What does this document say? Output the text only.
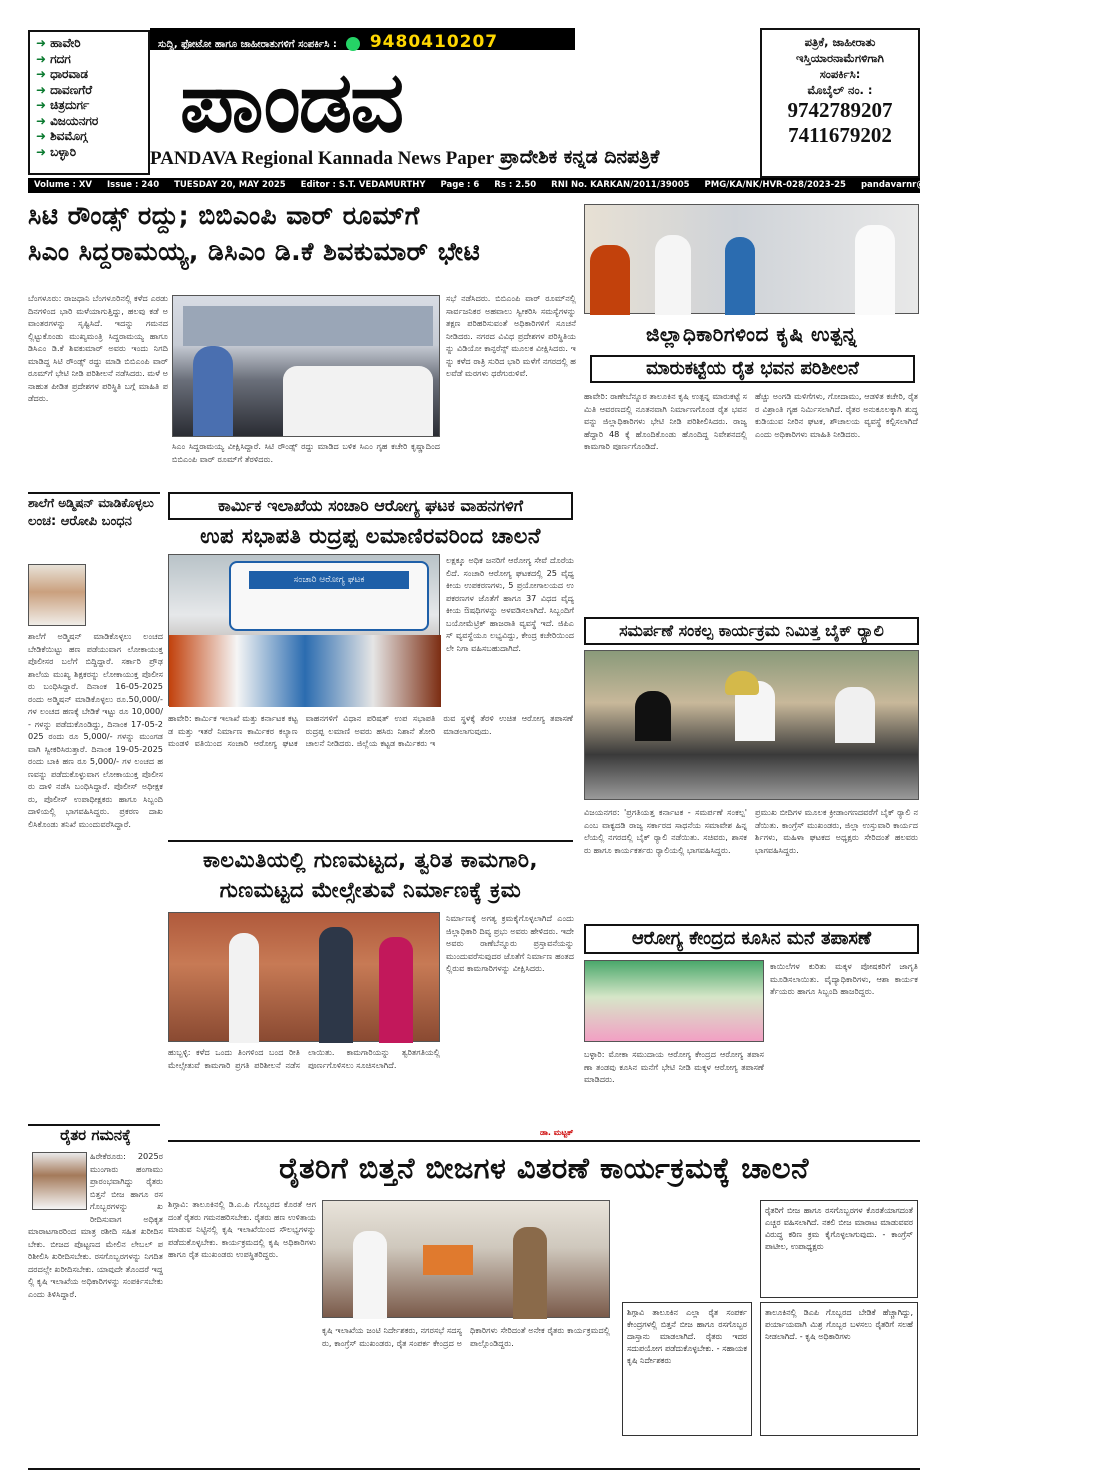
➜ ಹಾವೇರಿ
➜ ಗದಗ
➜ ಧಾರವಾಡ
➜ ದಾವಣಗೆರೆ
➜ ಚಿತ್ರದುರ್ಗ
➜ ವಿಜಯನಗರ
➜ ಶಿವಮೊಗ್ಗ
➜ ಬಳ್ಳಾರಿ
ಸುದ್ದಿ, ಫೋಟೋ ಹಾಗೂ ಜಾಹೀರಾತುಗಳಿಗೆ ಸಂಪರ್ಕಿಸಿ : 9480410207
ಪಾಂಡವ
PANDAVA Regional Kannada News Paper ಪ್ರಾದೇಶಿಕ ಕನ್ನಡ ದಿನಪತ್ರಿಕೆ
ಪತ್ರಿಕೆ, ಜಾಹೀರಾತು
ಇಸ್ತಿಯಾರನಾಮೆಗಳಿಗಾಗಿ
ಸಂಪರ್ಕಿಸಿ:
ಮೊಬೈಲ್ ನಂ. :
9742789207
7411679202
Volume : XV Issue : 240 TUESDAY 20, MAY 2025 Editor : S.T. VEDAMURTHY Page : 6 Rs : 2.50 RNI No. KARKAN/2011/39005 PMG/KA/NK/HVR-028/2023-25 pandavarnr@gmail.com Mob No.: 9742789207
ಸಿಟಿ ರೌಂಡ್ಸ್ ರದ್ದು; ಬಿಬಿಎಂಪಿ ವಾರ್ ರೂಮ್‌ಗೆ
ಸಿಎಂ ಸಿದ್ದರಾಮಯ್ಯ, ಡಿಸಿಎಂ ಡಿ.ಕೆ ಶಿವಕುಮಾರ್ ಭೇಟಿ
ಬೆಂಗಳೂರು: ರಾಜಧಾನಿ ಬೆಂಗಳೂರಿನಲ್ಲಿ ಕಳೆದ ಎರಡು ದಿನಗಳಿಂದ ಭಾರಿ ಮಳೆಯಾಗುತ್ತಿದ್ದು, ಹಲವು ಕಡೆ ಅವಾಂತರಗಳನ್ನು ಸೃಷ್ಟಿಸಿದೆ. ಇದನ್ನು ಗಮನದಲ್ಲಿಟ್ಟುಕೊಂಡು ಮುಖ್ಯಮಂತ್ರಿ ಸಿದ್ದರಾಮಯ್ಯ ಹಾಗೂ ಡಿಸಿಎಂ ಡಿ.ಕೆ ಶಿವಕುಮಾರ್ ಅವರು ಇಂದು ನಿಗದಿ ಮಾಡಿದ್ದ ಸಿಟಿ ರೌಂಡ್ಸ್ ರದ್ದು ಮಾಡಿ ಬಿಬಿಎಂಪಿ ವಾರ್ ರೂಮ್‌ಗೆ ಭೇಟಿ ನೀಡಿ ಪರಿಶೀಲನೆ ನಡೆಸಿದರು. ಮಳೆ ಅನಾಹುತ ಪೀಡಿತ ಪ್ರದೇಶಗಳ ಪರಿಸ್ಥಿತಿ ಬಗ್ಗೆ ಮಾಹಿತಿ ಪಡೆದರು.
ಸಿಎಂ ಸಿದ್ದರಾಮಯ್ಯ ವೀಕ್ಷಿಸಿದ್ದಾರೆ. ಸಿಟಿ ರೌಂಡ್ಸ್ ರದ್ದು ಮಾಡಿದ ಬಳಿಕ ಸಿಎಂ ಗೃಹ ಕಚೇರಿ ಕೃಷ್ಣಾದಿಂದ ಬಿಬಿಎಂಪಿ ವಾರ್ ರೂಮ್‌ಗೆ ತೆರಳಿದರು.
ಸಭೆ ನಡೆಸಿದರು. ಬಿಬಿಎಂಪಿ ವಾರ್ ರೂಮ್‌ನಲ್ಲಿ ಸಾರ್ವಜನಿಕರ ಅಹವಾಲು ಸ್ವೀಕರಿಸಿ ಸಮಸ್ಯೆಗಳನ್ನು ತಕ್ಷಣ ಪರಿಹರಿಸುವಂತೆ ಅಧಿಕಾರಿಗಳಿಗೆ ಸೂಚನೆ ನೀಡಿದರು. ನಗರದ ವಿವಿಧ ಪ್ರದೇಶಗಳ ಪರಿಸ್ಥಿತಿಯನ್ನು ವಿಡಿಯೋ ಕಾನ್ಫರೆನ್ಸ್ ಮೂಲಕ ವೀಕ್ಷಿಸಿದರು. ಇನ್ನು ಕಳೆದ ರಾತ್ರಿ ಸುರಿದ ಭಾರಿ ಮಳೆಗೆ ನಗರದಲ್ಲಿ ಹಲವೆಡೆ ಮರಗಳು ಧರೆಗುರುಳಿವೆ.
ಜಿಲ್ಲಾಧಿಕಾರಿಗಳಿಂದ ಕೃಷಿ ಉತ್ಪನ್ನ
ಮಾರುಕಟ್ಟೆಯ ರೈತ ಭವನ ಪರಿಶೀಲನೆ
ಹಾವೇರಿ: ರಾಣೇಬೆನ್ನೂರ ತಾಲೂಕಿನ ಕೃಷಿ ಉತ್ಪನ್ನ ಮಾರುಕಟ್ಟೆ ಸಮಿತಿ ಆವರಣದಲ್ಲಿ ನೂತನವಾಗಿ ನಿರ್ಮಾಣಗೊಂಡ ರೈತ ಭವನವನ್ನು ಜಿಲ್ಲಾಧಿಕಾರಿಗಳು ಭೇಟಿ ನೀಡಿ ಪರಿಶೀಲಿಸಿದರು. ರಾಜ್ಯ ಹೆದ್ದಾರಿ 48 ಕ್ಕೆ ಹೊಂದಿಕೊಂಡು ಹೊಂದಿದ್ದ ನಿವೇಶನದಲ್ಲಿ ಕಾಮಗಾರಿ ಪೂರ್ಣಗೊಂಡಿದೆ.
ಹೆಚ್ಚು ಅಂಗಡಿ ಮಳಿಗೆಗಳು, ಗೋದಾಮು, ಆಡಳಿತ ಕಚೇರಿ, ರೈತರ ವಿಶ್ರಾಂತಿ ಗೃಹ ನಿರ್ಮಿಸಲಾಗಿದೆ. ರೈತರ ಅನುಕೂಲಕ್ಕಾಗಿ ಶುದ್ಧ ಕುಡಿಯುವ ನೀರಿನ ಘಟಕ, ಶೌಚಾಲಯ ವ್ಯವಸ್ಥೆ ಕಲ್ಪಿಸಲಾಗಿದೆ ಎಂದು ಅಧಿಕಾರಿಗಳು ಮಾಹಿತಿ ನೀಡಿದರು.
ಶಾಲೆಗೆ ಅಡ್ಮಿಷನ್ ಮಾಡಿಕೊಳ್ಳಲು
ಲಂಚ: ಆರೋಪಿ ಬಂಧನ
ಶಾಲೆಗೆ ಅಡ್ಮಿಷನ್ ಮಾಡಿಕೊಳ್ಳಲು ಲಂಚದ ಬೇಡಿಕೆಯಿಟ್ಟು ಹಣ ಪಡೆಯುವಾಗ ಲೋಕಾಯುಕ್ತ ಪೊಲೀಸರ ಬಲೆಗೆ ಬಿದ್ದಿದ್ದಾರೆ. ಸರ್ಕಾರಿ ಪ್ರೌಢ ಶಾಲೆಯ ಮುಖ್ಯ ಶಿಕ್ಷಕರನ್ನು ಲೋಕಾಯುಕ್ತ ಪೊಲೀಸರು ಬಂಧಿಸಿದ್ದಾರೆ. ದಿನಾಂಕ 16-05-2025 ರಂದು ಅಡ್ಮಿಷನ್ ಮಾಡಿಕೊಳ್ಳಲು ರೂ.50,000/- ಗಳ ಲಂಚದ ಹಣಕ್ಕೆ ಬೇಡಿಕೆ ಇಟ್ಟು ರೂ 10,000/- ಗಳನ್ನು ಪಡೆದುಕೊಂಡಿದ್ದು, ದಿನಾಂಕ 17-05-2025 ರಂದು ರೂ 5,000/- ಗಳನ್ನು ಮುಂಗಡವಾಗಿ ಸ್ವೀಕರಿಸಿರುತ್ತಾರೆ. ದಿನಾಂಕ 19-05-2025 ರಂದು ಬಾಕಿ ಹಣ ರೂ 5,000/- ಗಳ ಲಂಚದ ಹಣವನ್ನು ಪಡೆದುಕೊಳ್ಳುವಾಗ ಲೋಕಾಯುಕ್ತ ಪೊಲೀಸರು ದಾಳಿ ನಡೆಸಿ ಬಂಧಿಸಿದ್ದಾರೆ. ಪೊಲೀಸ್ ಅಧೀಕ್ಷಕರು, ಪೊಲೀಸ್ ಉಪಾಧೀಕ್ಷಕರು ಹಾಗೂ ಸಿಬ್ಬಂದಿ ದಾಳಿಯಲ್ಲಿ ಭಾಗವಹಿಸಿದ್ದರು. ಪ್ರಕರಣ ದಾಖಲಿಸಿಕೊಂಡು ತನಿಖೆ ಮುಂದುವರೆಸಿದ್ದಾರೆ.
ಕಾರ್ಮಿಕ ಇಲಾಖೆಯ ಸಂಚಾರಿ ಆರೋಗ್ಯ ಘಟಕ ವಾಹನಗಳಿಗೆ
ಉಪ ಸಭಾಪತಿ ರುದ್ರಪ್ಪ ಲಮಾಣಿರವರಿಂದ ಚಾಲನೆ
ಸಂಚಾರಿ ಆರೋಗ್ಯ ಘಟಕ
ಲಕ್ಷಕ್ಕೂ ಅಧಿಕ ಜನರಿಗೆ ಆರೋಗ್ಯ ಸೇವೆ ದೊರೆಯಲಿದೆ. ಸಂಚಾರಿ ಆರೋಗ್ಯ ಘಟಕದಲ್ಲಿ 25 ವೈಧ್ಯಕೀಯ ಉಪಕರಣಗಳು, 5 ಪ್ರಯೋಗಾಲಯದ ಉಪಕರಣಗಳ ಜೊತೆಗೆ ಹಾಗೂ 37 ವಿಧದ ವೈದ್ಯಕೀಯ ಔಷಧಿಗಳನ್ನು ಅಳವಡಿಸಲಾಗಿದೆ. ಸಿಬ್ಬಂದಿಗೆ ಬಯೋಮೆಟ್ರಿಕ್ ಹಾಜರಾತಿ ವ್ಯವಸ್ಥೆ ಇದೆ. ಜಿಪಿಎಸ್ ವ್ಯವಸ್ಥೆಯೂ ಲಭ್ಯವಿದ್ದು, ಕೇಂದ್ರ ಕಚೇರಿಯಿಂದಲೇ ನಿಗಾ ವಹಿಸಬಹುದಾಗಿದೆ.
ಹಾವೇರಿ: ಕಾರ್ಮಿಕ ಇಲಾಖೆ ಮತ್ತು ಕರ್ನಾಟಕ ಕಟ್ಟಡ ಮತ್ತು ಇತರೆ ನಿರ್ಮಾಣ ಕಾರ್ಮಿಕರ ಕಲ್ಯಾಣ ಮಂಡಳಿ ವತಿಯಿಂದ ಸಂಚಾರಿ ಆರೋಗ್ಯ ಘಟಕ ವಾಹನಗಳಿಗೆ ವಿಧಾನ ಪರಿಷತ್ ಉಪ ಸಭಾಪತಿ ರುದ್ರಪ್ಪ ಲಮಾಣಿ ಅವರು ಹಸಿರು ನಿಶಾನೆ ತೋರಿ ಚಾಲನೆ ನೀಡಿದರು. ಜಿಲ್ಲೆಯ ಕಟ್ಟಡ ಕಾರ್ಮಿಕರು ಇರುವ ಸ್ಥಳಕ್ಕೆ ತೆರಳಿ ಉಚಿತ ಆರೋಗ್ಯ ತಪಾಸಣೆ ಮಾಡಲಾಗುವುದು.
ಸಮರ್ಪಣೆ ಸಂಕಲ್ಪ ಕಾರ್ಯಕ್ರಮ ನಿಮಿತ್ತ ಬೈಕ್ ರ‍್ಯಾಲಿ
ವಿಜಯನಗರ: 'ಪ್ರಗತಿಯತ್ತ ಕರ್ನಾಟಕ - ಸಮರ್ಪಣೆ ಸಂಕಲ್ಪ' ಎಂಬ ವಾಕ್ಯದಡಿ ರಾಜ್ಯ ಸರ್ಕಾರದ ಸಾಧನೆಯ ಸಮಾವೇಶ ಹಿನ್ನಲೆಯಲ್ಲಿ ನಗರದಲ್ಲಿ ಬೈಕ್ ರ‍್ಯಾಲಿ ನಡೆಯಿತು. ಸಚಿವರು, ಶಾಸಕರು ಹಾಗೂ ಕಾರ್ಯಕರ್ತರು ರ‍್ಯಾಲಿಯಲ್ಲಿ ಭಾಗವಹಿಸಿದ್ದರು.
ಪ್ರಮುಖ ಬೀದಿಗಳ ಮೂಲಕ ಕ್ರೀಡಾಂಗಣದವರೆಗೆ ಬೈಕ್ ರ‍್ಯಾಲಿ ನಡೆಯಿತು. ಕಾಂಗ್ರೆಸ್ ಮುಖಂಡರು, ಜಿಲ್ಲಾ ಉಸ್ತುವಾರಿ ಕಾರ್ಯದರ್ಶಿಗಳು, ಮಹಿಳಾ ಘಟಕದ ಅಧ್ಯಕ್ಷರು ಸೇರಿದಂತೆ ಹಲವರು ಭಾಗವಹಿಸಿದ್ದರು.
ಕಾಲಮಿತಿಯಲ್ಲಿ ಗುಣಮಟ್ಟದ, ತ್ವರಿತ ಕಾಮಗಾರಿ,
ಗುಣಮಟ್ಟದ ಮೇಲ್ಸೇತುವೆ ನಿರ್ಮಾಣಕ್ಕೆ ಕ್ರಮ
ನಿರ್ಮಾಣಕ್ಕೆ ಅಗತ್ಯ ಕ್ರಮಕೈಗೊಳ್ಳಲಾಗಿದೆ ಎಂದು ಜಿಲ್ಲಾಧಿಕಾರಿ ದಿವ್ಯ ಪ್ರಭು ಅವರು ಹೇಳಿದರು. ಇದೇ ಅವರು ರಾಣೆಬೆನ್ನೂರು ಪ್ರಸ್ತಾವನೆಯನ್ನು ಮುಂದುವರೆಸುವುದರ ಜೊತೆಗೆ ನಿರ್ಮಾಣ ಹಂತದಲ್ಲಿರುವ ಕಾಮಗಾರಿಗಳನ್ನು ವೀಕ್ಷಿಸಿದರು.
ಹುಬ್ಬಳ್ಳಿ: ಕಳೆದ ಒಂದು ತಿಂಗಳಿಂದ ಬಂದ ರೀತಿ ಮೇಲ್ಸೇತುವೆ ಕಾಮಗಾರಿ ಪ್ರಗತಿ ಪರಿಶೀಲನೆ ನಡೆಸಲಾಯಿತು. ಕಾಮಗಾರಿಯನ್ನು ತ್ವರಿತಗತಿಯಲ್ಲಿ ಪೂರ್ಣಗೊಳಿಸಲು ಸೂಚಿಸಲಾಗಿದೆ.
ಡಾ. ಮಟ್ಟಕ್
ಆರೋಗ್ಯ ಕೇಂದ್ರದ ಕೂಸಿನ ಮನೆ ತಪಾಸಣೆ
ಕಾಯಿಲೆಗಳ ಕುರಿತು ಮಕ್ಕಳ ಪೋಷಕರಿಗೆ ಜಾಗೃತಿ ಮೂಡಿಸಲಾಯಿತು. ವೈದ್ಯಾಧಿಕಾರಿಗಳು, ಆಶಾ ಕಾರ್ಯಕರ್ತೆಯರು ಹಾಗೂ ಸಿಬ್ಬಂದಿ ಹಾಜರಿದ್ದರು.
ಬಳ್ಳಾರಿ: ಮೋಕಾ ಸಮುದಾಯ ಆರೋಗ್ಯ ಕೇಂದ್ರದ ಆರೋಗ್ಯ ತಪಾಸಣಾ ತಂಡವು ಕೂಸಿನ ಮನೆಗೆ ಭೇಟಿ ನೀಡಿ ಮಕ್ಕಳ ಆರೋಗ್ಯ ತಪಾಸಣೆ ಮಾಡಿದರು.
ರೈತರ ಗಮನಕ್ಕೆ
ಹಿರೇಕೆರೂರು: 2025ರ ಮುಂಗಾರು ಹಂಗಾಮು ಪ್ರಾರಂಭವಾಗಿದ್ದು ರೈತರು ಬಿತ್ತನೆ ಬೀಜ ಹಾಗೂ ರಸಗೊಬ್ಬರಗಳನ್ನು ಖರೀದಿಸುವಾಗ ಅಧಿಕೃತ ಮಾರಾಟಗಾರರಿಂದ ಮಾತ್ರ ರಶೀದಿ ಸಹಿತ ಖರೀದಿಸಬೇಕು. ಬೀಜದ ಪೊಟ್ಟಣದ ಮೇಲಿನ ಲೇಬಲ್ ಪರಿಶೀಲಿಸಿ ಖರೀದಿಸಬೇಕು. ರಸಗೊಬ್ಬರಗಳನ್ನು ನಿಗದಿತ ದರದಲ್ಲೇ ಖರೀದಿಸಬೇಕು. ಯಾವುದೇ ತೊಂದರೆ ಇದ್ದಲ್ಲಿ ಕೃಷಿ ಇಲಾಖೆಯ ಅಧಿಕಾರಿಗಳನ್ನು ಸಂಪರ್ಕಿಸಬೇಕು ಎಂದು ತಿಳಿಸಿದ್ದಾರೆ.
ರೈತರಿಗೆ ಬಿತ್ತನೆ ಬೀಜಗಳ ವಿತರಣೆ ಕಾರ್ಯಕ್ರಮಕ್ಕೆ ಚಾಲನೆ
ಶಿಗ್ಗಾವಿ: ತಾಲೂಕಿನಲ್ಲಿ ಡಿ.ಎ.ಪಿ ಗೊಬ್ಬರದ ಕೊರತೆ ಆಗದಂತೆ ರೈತರು ಗಮನಹರಿಸಬೇಕು. ರೈತರು ಹಣ ಉಳಿತಾಯ ಮಾಡುವ ನಿಟ್ಟಿನಲ್ಲಿ ಕೃಷಿ ಇಲಾಖೆಯಿಂದ ಸೌಲಭ್ಯಗಳನ್ನು ಪಡೆದುಕೊಳ್ಳಬೇಕು. ಕಾರ್ಯಕ್ರಮದಲ್ಲಿ ಕೃಷಿ ಅಧಿಕಾರಿಗಳು ಹಾಗೂ ರೈತ ಮುಖಂಡರು ಉಪಸ್ಥಿತರಿದ್ದರು.
ಕೃಷಿ ಇಲಾಖೆಯ ಜಂಟಿ ನಿರ್ದೇಶಕರು, ನಗರಸಭೆ ಸದಸ್ಯರು, ಕಾಂಗ್ರೆಸ್ ಮುಖಂಡರು, ರೈತ ಸಂಪರ್ಕ ಕೇಂದ್ರದ ಅಧಿಕಾರಿಗಳು ಸೇರಿದಂತೆ ಅನೇಕ ರೈತರು ಕಾರ್ಯಕ್ರಮದಲ್ಲಿ ಪಾಲ್ಗೊಂಡಿದ್ದರು.
ರೈತರಿಗೆ ಬೀಜ ಹಾಗೂ ರಸಗೊಬ್ಬರಗಳ ಕೊರತೆಯಾಗದಂತೆ ಎಚ್ಚರ ವಹಿಸಲಾಗಿದೆ. ನಕಲಿ ಬೀಜ ಮಾರಾಟ ಮಾಡುವವರ ವಿರುದ್ಧ ಕಠಿಣ ಕ್ರಮ ಕೈಗೊಳ್ಳಲಾಗುವುದು. - ಕಾಂಗ್ರೆಸ್ ಪಾಟೀಲ, ಉಪಾಧ್ಯಕ್ಷರು
ಶಿಗ್ಗಾವಿ ತಾಲೂಕಿನ ಎಲ್ಲಾ ರೈತ ಸಂಪರ್ಕ ಕೇಂದ್ರಗಳಲ್ಲಿ ಬಿತ್ತನೆ ಬೀಜ ಹಾಗೂ ರಸಗೊಬ್ಬರ ದಾಸ್ತಾನು ಮಾಡಲಾಗಿದೆ. ರೈತರು ಇದರ ಸದುಪಯೋಗ ಪಡೆದುಕೊಳ್ಳಬೇಕು. - ಸಹಾಯಕ ಕೃಷಿ ನಿರ್ದೇಶಕರು
ತಾಲೂಕಿನಲ್ಲಿ ಡಿಎಪಿ ಗೊಬ್ಬರದ ಬೇಡಿಕೆ ಹೆಚ್ಚಾಗಿದ್ದು, ಪರ್ಯಾಯವಾಗಿ ಮಿಶ್ರ ಗೊಬ್ಬರ ಬಳಸಲು ರೈತರಿಗೆ ಸಲಹೆ ನೀಡಲಾಗಿದೆ. - ಕೃಷಿ ಅಧಿಕಾರಿಗಳು
